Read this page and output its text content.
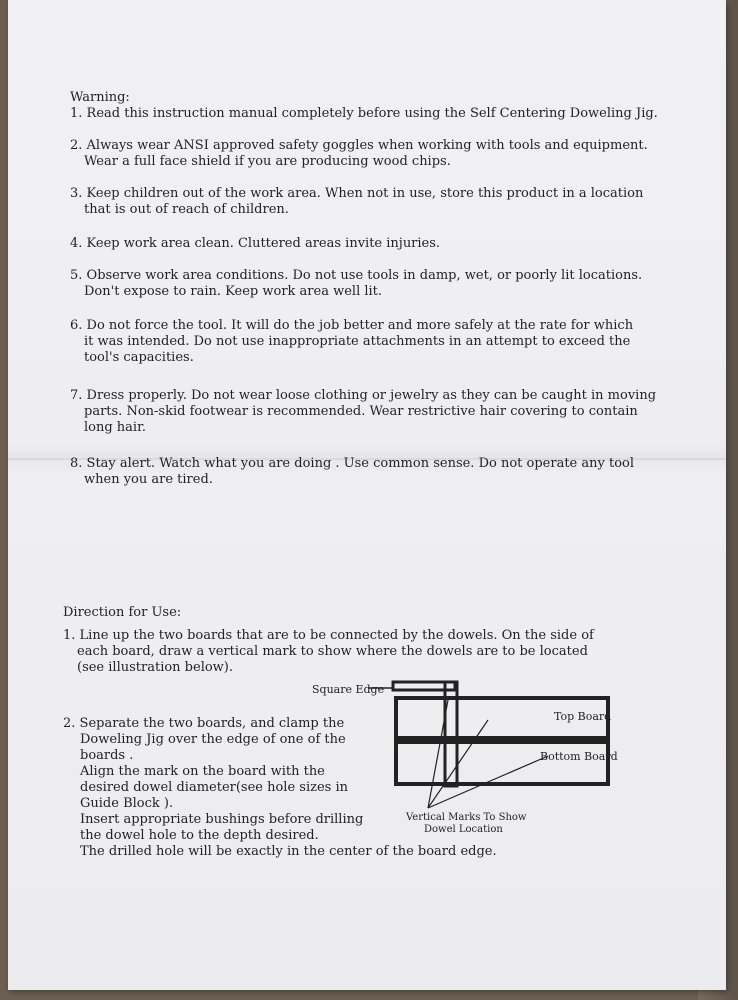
Warning:
1. Read this instruction manual completely before using the Self Centering Doweling Jig.
2. Always wear ANSI approved safety goggles when working with tools and equipment.
Wear a full face shield if you are producing wood chips.
3. Keep children out of the work area. When not in use, store this product in a location
that is out of reach of children.
4. Keep work area clean. Cluttered areas invite injuries.
5. Observe work area conditions. Do not use tools in damp, wet, or poorly lit locations.
Don't expose to rain. Keep work area well lit.
6. Do not force the tool. It will do the job better and more safely at the rate for which
it was intended. Do not use inappropriate attachments in an attempt to exceed the
tool's capacities.
7. Dress properly. Do not wear loose clothing or jewelry as they can be caught in moving
parts. Non-skid footwear is recommended. Wear restrictive hair covering to contain
long hair.
8. Stay alert. Watch what you are doing . Use common sense. Do not operate any tool
when you are tired.
Direction for Use:
1. Line up the two boards that are to be connected by the dowels. On the side of
each board, draw a vertical mark to show where the dowels are to be located
(see illustration below).
2. Separate the two boards, and clamp the
Doweling Jig over the edge of one of the
boards .
Align the mark on the board with the
desired dowel diameter(see hole sizes in
Guide Block ).
Insert appropriate bushings before drilling
the dowel hole to the depth desired.
The drilled hole will be exactly in the center of the board edge.
Square Edge
Top Board
Bottom Board
Vertical Marks To Show
Dowel Location
